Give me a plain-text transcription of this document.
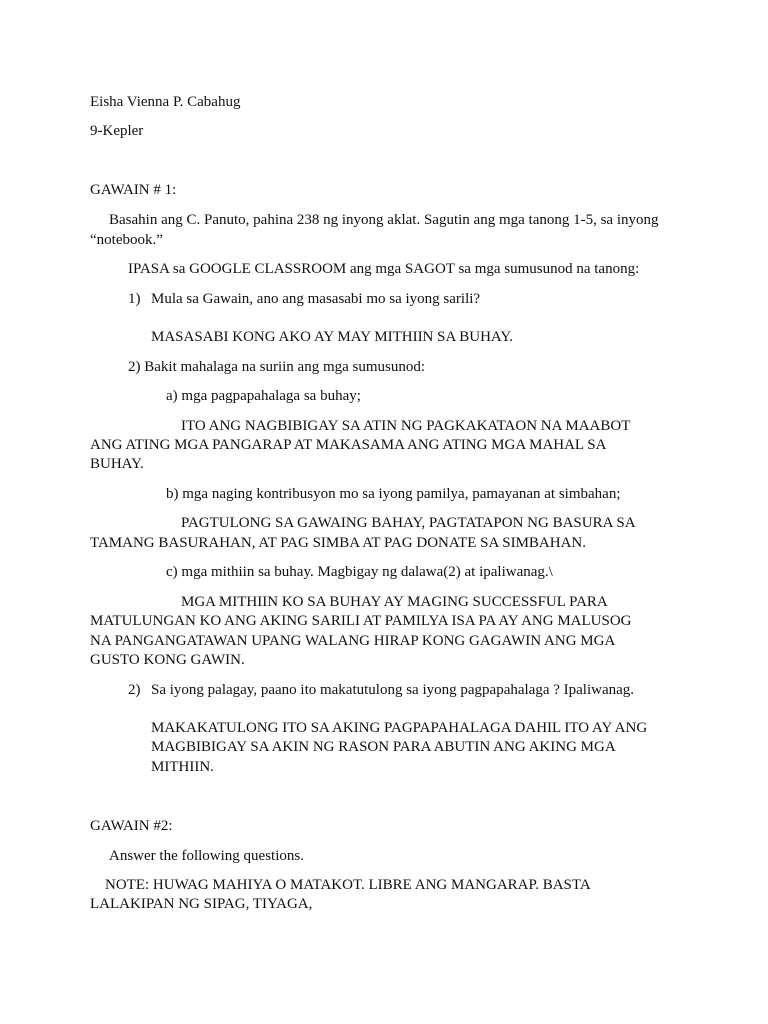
Eisha Vienna P. Cabahug
9-Kepler
GAWAIN # 1:
Basahin ang C. Panuto, pahina 238 ng inyong aklat. Sagutin ang mga tanong 1-5, sa inyong
“notebook.”
IPASA sa GOOGLE CLASSROOM ang mga SAGOT sa mga sumusunod na tanong:
1) Mula sa Gawain, ano ang masasabi mo sa iyong sarili?
MASASABI KONG AKO AY MAY MITHIIN SA BUHAY.
2) Bakit mahalaga na suriin ang mga sumusunod:
a) mga pagpapahalaga sa buhay;
ITO ANG NAGBIBIGAY SA ATIN NG PAGKAKATAON NA MAABOT
ANG ATING MGA PANGARAP AT MAKASAMA ANG ATING MGA MAHAL SA
BUHAY.
b) mga naging kontribusyon mo sa iyong pamilya, pamayanan at simbahan;
PAGTULONG SA GAWAING BAHAY, PAGTATAPON NG BASURA SA
TAMANG BASURAHAN, AT PAG SIMBA AT PAG DONATE SA SIMBAHAN.
c) mga mithiin sa buhay. Magbigay ng dalawa(2) at ipaliwanag.\
MGA MITHIIN KO SA BUHAY AY MAGING SUCCESSFUL PARA
MATULUNGAN KO ANG AKING SARILI AT PAMILYA ISA PA AY ANG MALUSOG
NA PANGANGATAWAN UPANG WALANG HIRAP KONG GAGAWIN ANG MGA
GUSTO KONG GAWIN.
2) Sa iyong palagay, paano ito makatutulong sa iyong pagpapahalaga ? Ipaliwanag.
MAKAKATULONG ITO SA AKING PAGPAPAHALAGA DAHIL ITO AY ANG
MAGBIBIGAY SA AKIN NG RASON PARA ABUTIN ANG AKING MGA
MITHIIN.
GAWAIN #2:
Answer the following questions.
NOTE: HUWAG MAHIYA O MATAKOT. LIBRE ANG MANGARAP. BASTA
LALAKIPAN NG SIPAG, TIYAGA,
